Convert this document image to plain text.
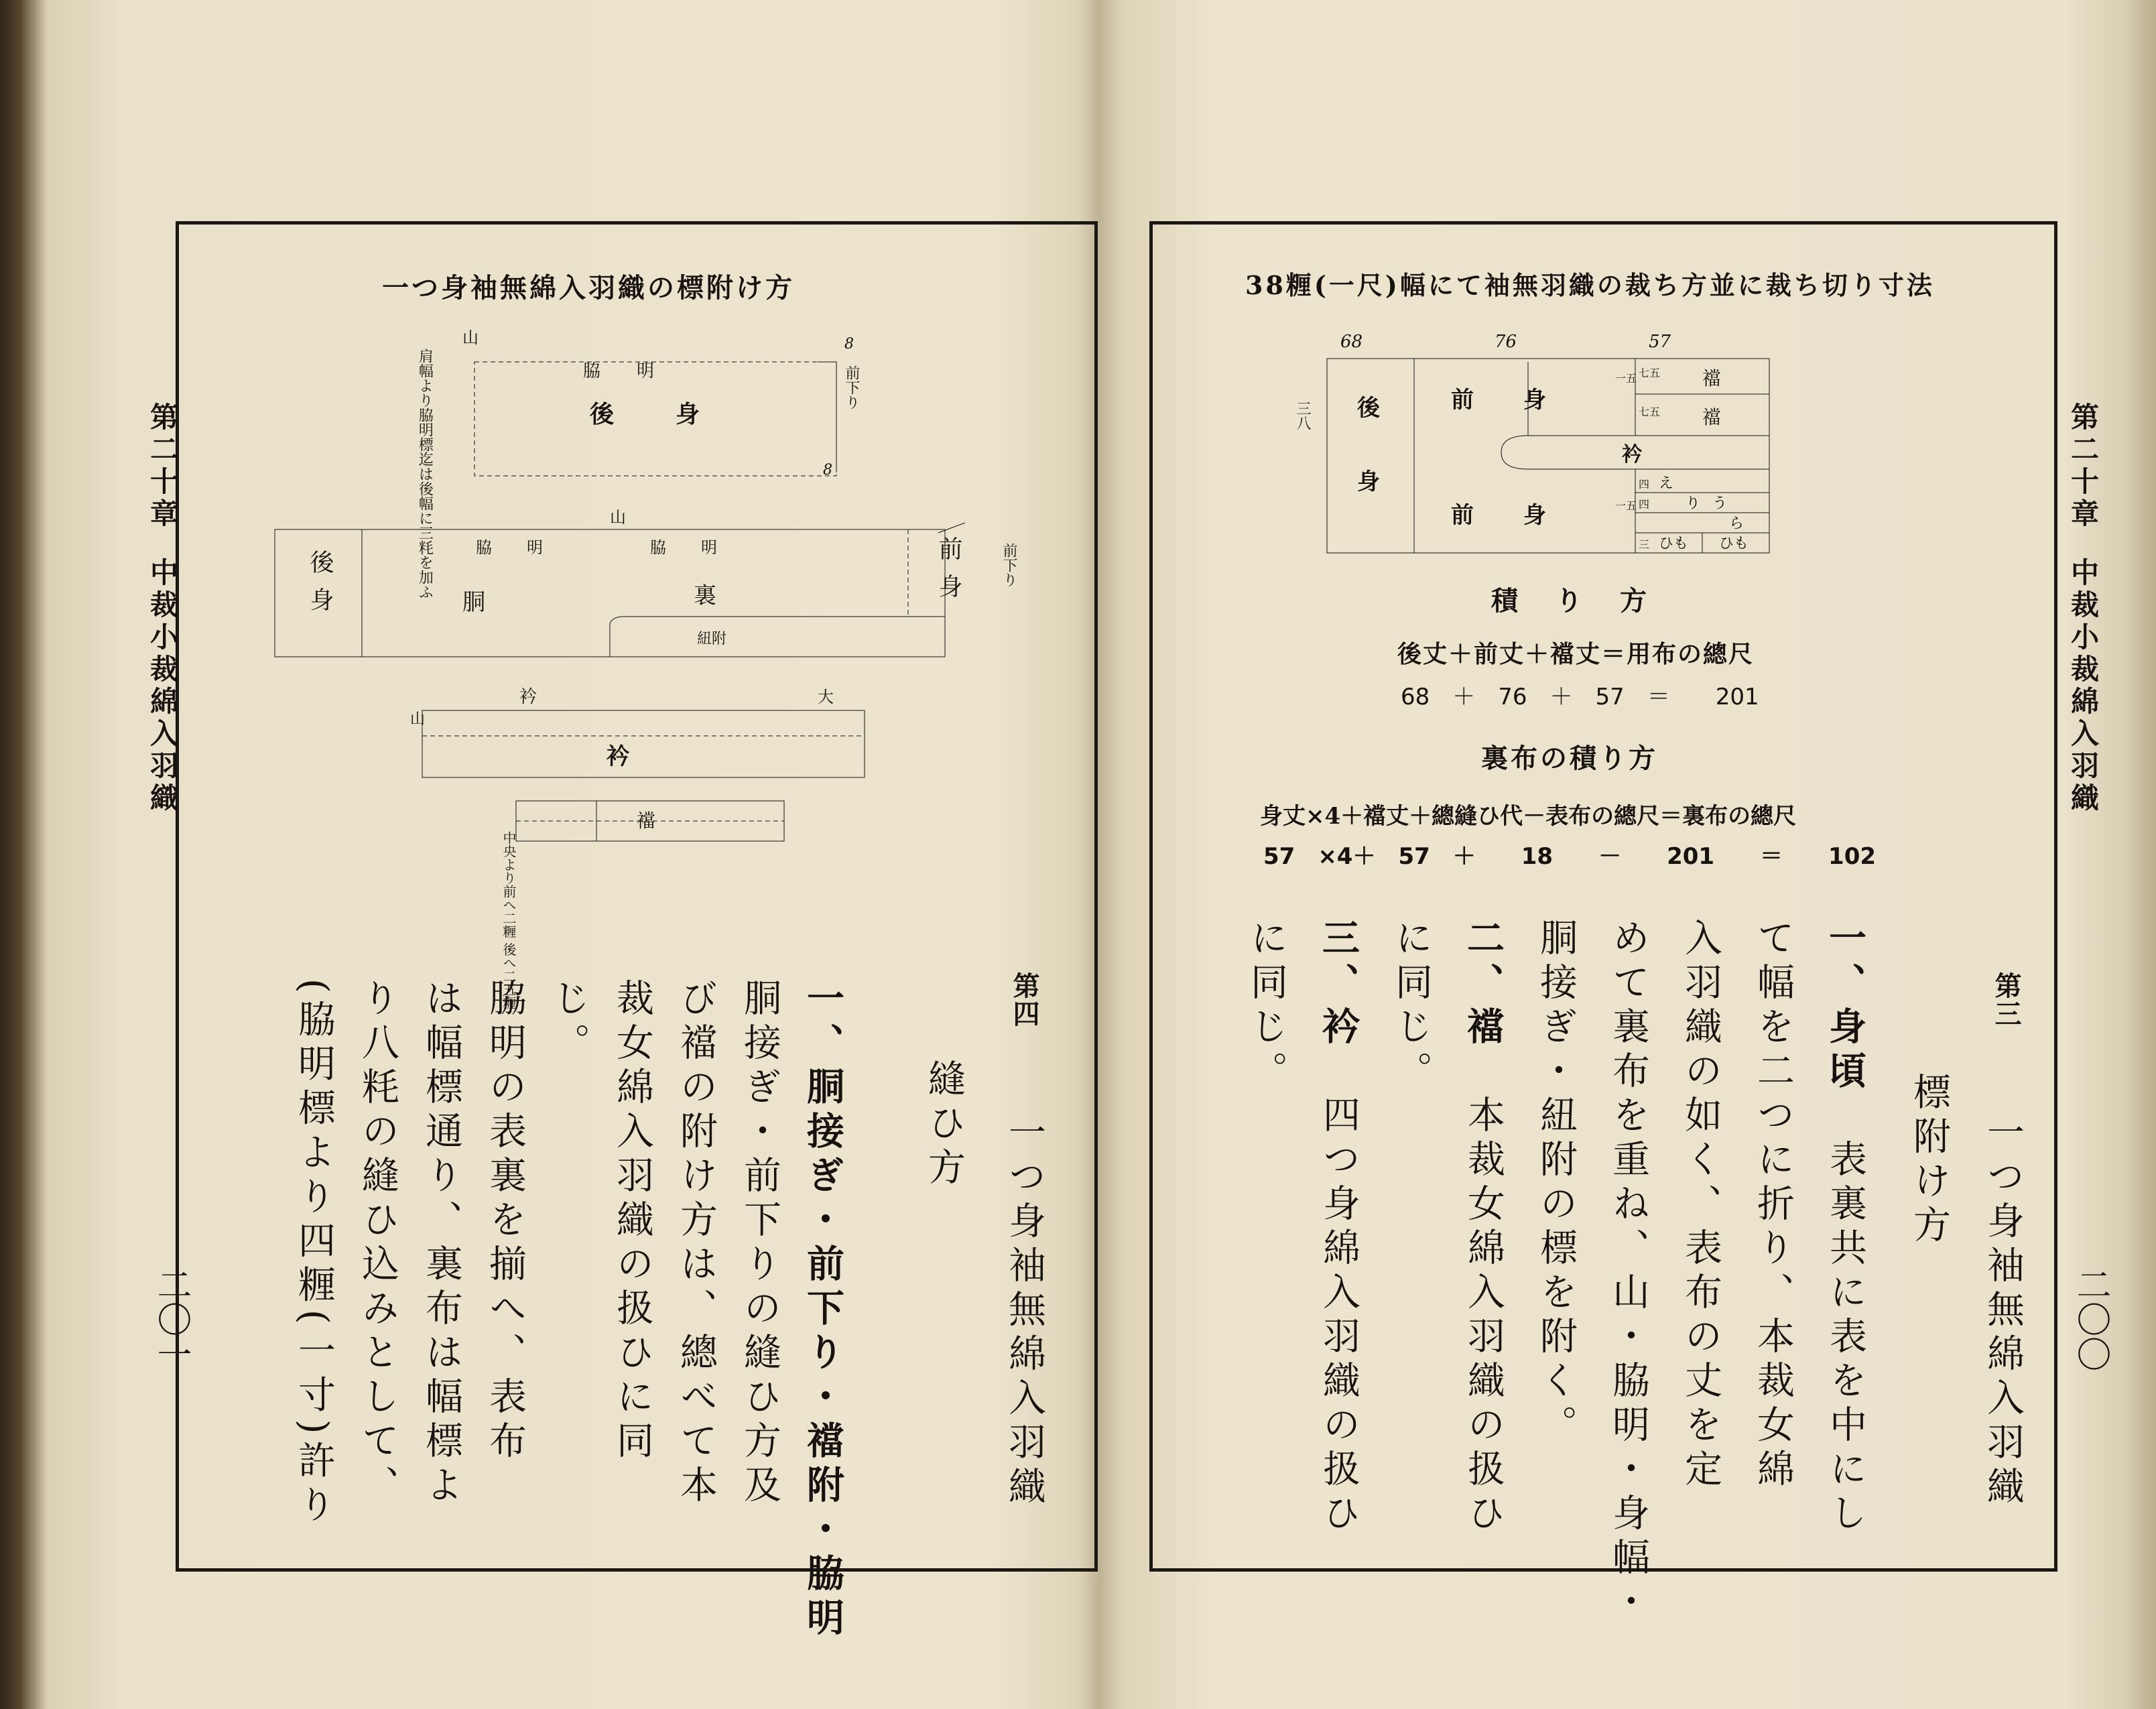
第二十章中裁小裁綿入羽織
二〇一
一つ身袖無綿入羽織の標附け方
山
脇　明
後　身
8
8
山
脇　明	脇　明
胴	裏
紐附
山
衿	大
衿
襠
肩幅より脇明標迄は後幅に三粍を加ふ	前下り
後身	前身	前下り
中央より前へ二糎 後へ二五糎	第四
一つ身袖無綿入羽織
縫ひ方
一、胴接ぎ・前下り・襠附・脇明
胴接ぎ・前下りの縫ひ方及
び襠の附け方は、總べて本
裁女綿入羽織の扱ひに同
じ。
脇明の表裏を揃へ、表布
は幅標通り、裏布は幅標よ
り八粍の縫ひ込みとして、
(脇明標より四糎(一寸)許り
第二十章中裁小裁綿入羽織
二〇〇
38糎(一尺)幅にて袖無羽織の裁ち方並に裁ち切り寸法
68	76	57
後
身
前　身
前　身
衿
襠
襠
え
り う
ら
ひも ひも
一五
一五
七五
七五
四
四
三
三八
積　り　方
後丈＋前丈＋襠丈＝用布の總尺
68　＋　76　＋　57　＝　　201
裏布の積り方
身丈×4＋襠丈＋總縫ひ代－表布の總尺＝裏布の總尺
57　×4＋　57　＋　　18　　－　　201　　＝　　102
第三
一つ身袖無綿入羽織
標附け方
一、身頃　表裏共に表を中にし
て幅を二つに折り、本裁女綿
入羽織の如く、表布の丈を定
めて裏布を重ね、山・脇明・身幅・
胴接ぎ・紐附の標を附く。
二、襠　本裁女綿入羽織の扱ひ
に同じ。
三、衿　四つ身綿入羽織の扱ひ
に同じ。
